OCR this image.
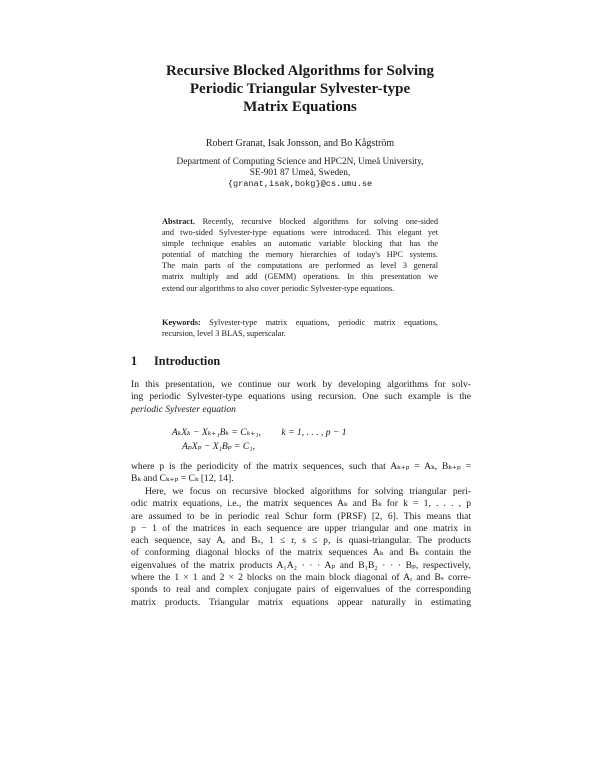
Recursive Blocked Algorithms for Solving
Periodic Triangular Sylvester-type
Matrix Equations
Robert Granat, Isak Jonsson, and Bo Kågström
Department of Computing Science and HPC2N, Umeå University,
SE-901 87 Umeå, Sweden,
{granat,isak,bokg}@cs.umu.se
Abstract. Recently, recursive blocked algorithms for solving one-sided
and two-sided Sylvester-type equations were introduced. This elegant yet
simple technique enables an automatic variable blocking that has the
potential of matching the memory hierarchies of today's HPC systems.
The main parts of the computations are performed as level 3 general
matrix multiply and add (GEMM) operations. In this presentation we
extend our algorithms to also cover periodic Sylvester-type equations.
Keywords: Sylvester-type matrix equations, periodic matrix equations,
recursion, level 3 BLAS, superscalar.
1 Introduction
In this presentation, we continue our work by developing algorithms for solv-
ing periodic Sylvester-type equations using recursion. One such example is the
periodic Sylvester equation
AₖXₖ − Xₖ₊₁Bₖ = Cₖ₊₁, k = 1, . . . , p − 1
AₚXₚ − X₁Bₚ = C₁,
where p is the periodicity of the matrix sequences, such that Aₖ₊ₚ = Aₖ, Bₖ₊ₚ =
Bₖ and Cₖ₊ₚ = Cₖ [12, 14].
Here, we focus on recursive blocked algorithms for solving triangular peri-
odic matrix equations, i.e., the matrix sequences Aₖ and Bₖ for k = 1, . . . , p
are assumed to be in periodic real Schur form (PRSF) [2, 6]. This means that
p − 1 of the matrices in each sequence are upper triangular and one matrix in
each sequence, say Aᵣ and Bₛ, 1 ≤ r, s ≤ p, is quasi-triangular. The products
of conforming diagonal blocks of the matrix sequences Aₖ and Bₖ contain the
eigenvalues of the matrix products A₁A₂ · · · Aₚ and B₁B₂ · · · Bₚ, respectively,
where the 1 × 1 and 2 × 2 blocks on the main block diagonal of Aᵣ and Bₛ corre-
sponds to real and complex conjugate pairs of eigenvalues of the corresponding
matrix products. Triangular matrix equations appear naturally in estimating
